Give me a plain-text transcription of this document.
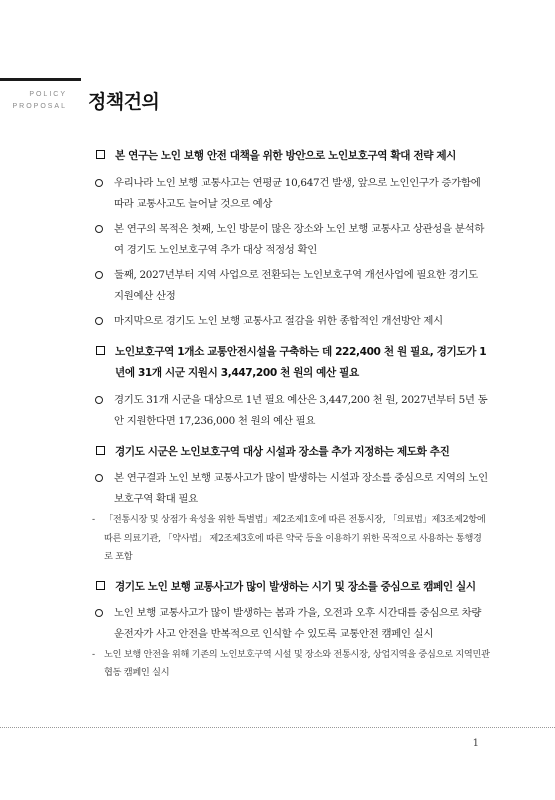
POLICY
PROPOSAL 정책건의
본 연구는 노인 보행 안전 대책을 위한 방안으로 노인보호구역 확대 전략 제시
우리나라 노인 보행 교통사고는 연평균 10,647건 발생, 앞으로 노인인구가 증가함에 따라 교통사고도 늘어날 것으로 예상
본 연구의 목적은 첫째, 노인 방문이 많은 장소와 노인 보행 교통사고 상관성을 분석하여 경기도 노인보호구역 추가 대상 적정성 확인
둘째, 2027년부터 지역 사업으로 전환되는 노인보호구역 개선사업에 필요한 경기도 지원예산 산정
마지막으로 경기도 노인 보행 교통사고 절감을 위한 종합적인 개선방안 제시
노인보호구역 1개소 교통안전시설을 구축하는 데 222,400 천 원 필요, 경기도가 1년에 31개 시군 지원시 3,447,200 천 원의 예산 필요
경기도 31개 시군을 대상으로 1년 필요 예산은 3,447,200 천 원, 2027년부터 5년 동안 지원한다면 17,236,000 천 원의 예산 필요
경기도 시군은 노인보호구역 대상 시설과 장소를 추가 지정하는 제도화 추진
본 연구결과 노인 보행 교통사고가 많이 발생하는 시설과 장소를 중심으로 지역의 노인보호구역 확대 필요
- 「전통시장 및 상점가 육성을 위한 특별법」제2조제1호에 따른 전통시장, 「의료법」제3조제2항에 따른 의료기관, 「약사법」 제2조제3호에 따른 약국 등을 이용하기 위한 목적으로 사용하는 통행경로 포함
경기도 노인 보행 교통사고가 많이 발생하는 시기 및 장소를 중심으로 캠페인 실시
노인 보행 교통사고가 많이 발생하는 봄과 가을, 오전과 오후 시간대를 중심으로 차량 운전자가 사고 안전을 반복적으로 인식할 수 있도록 교통안전 캠페인 실시
- 노인 보행 안전을 위해 기존의 노인보호구역 시설 및 장소와 전통시장, 상업지역을 중심으로 지역민관협동 캠페인 실시
1
